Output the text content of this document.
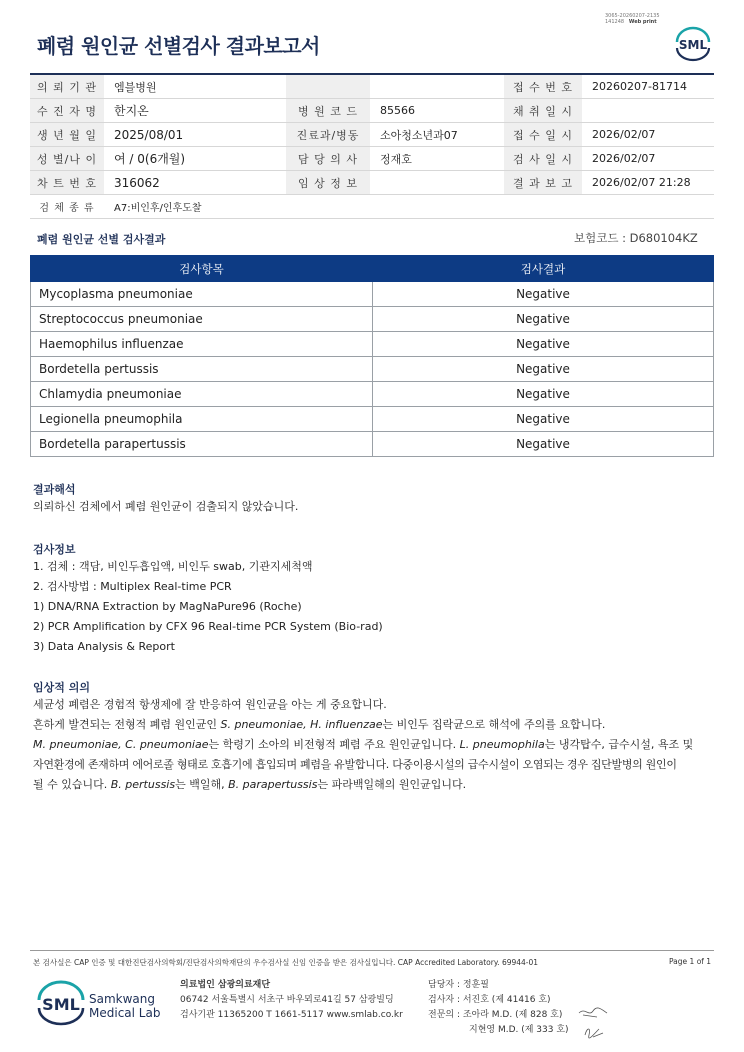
폐렴 원인균 선별검사 결과보고서
3065-20260207-2135
141248 Web print
SML
의 뢰 기 관	엠블병원			접 수 번 호	20260207-81714
수 진 자 명	한지온	병 원 코 드	85566	채 취 일 시	
생 년 월 일	2025/08/01	진료과/병동	소아청소년과07	접 수 일 시	2026/02/07
성 별/나 이	여 / 0(6개월)	담 당 의 사	정재호	검 사 일 시	2026/02/07
차 트 번 호	316062	임 상 정 보		결 과 보 고	2026/02/07 21:28
검 체 종 류	A7:비인후/인후도찰				
폐렴 원인균 선별 검사결과	보험코드 : D680104KZ
검사항목	검사결과
Mycoplasma pneumoniae	Negative
Streptococcus pneumoniae	Negative
Haemophilus influenzae	Negative
Bordetella pertussis	Negative
Chlamydia pneumoniae	Negative
Legionella pneumophila	Negative
Bordetella parapertussis	Negative
결과해석
의뢰하신 검체에서 폐렴 원인균이 검출되지 않았습니다.
검사정보
1. 검체 : 객담, 비인두흡입액, 비인두 swab, 기관지세척액
2. 검사방법 : Multiplex Real-time PCR
1) DNA/RNA Extraction by MagNaPure96 (Roche)
2) PCR Amplification by CFX 96 Real-time PCR System (Bio-rad)
3) Data Analysis & Report
임상적 의의
세균성 폐렴은 경험적 항생제에 잘 반응하여 원인균을 아는 게 중요합니다.
흔하게 발견되는 전형적 폐렴 원인균인 S. pneumoniae, H. influenzae는 비인두 집락균으로 해석에 주의를 요합니다.
M. pneumoniae, C. pneumoniae는 학령기 소아의 비전형적 폐렴 주요 원인균입니다. L. pneumophila는 냉각탑수, 급수시설, 욕조 및
자연환경에 존재하며 에어로졸 형태로 호흡기에 흡입되며 폐렴을 유발합니다. 다중이용시설의 급수시설이 오염되는 경우 집단발병의 원인이
될 수 있습니다. B. pertussis는 백일해, B. parapertussis는 파라백일해의 원인균입니다.
본 검사실은 CAP 인증 및 대한진단검사의학회/진단검사의학재단의 우수검사실 신임 인증을 받은 검사실입니다. CAP Accredited Laboratory. 69944-01	Page 1 of 1
SML Samkwang
Medical Lab
의료법인 삼광의료재단
06742 서울특별시 서초구 바우뫼로41길 57 삼광빌딩
검사기관 11365200 T 1661-5117 www.smlab.co.kr
담당자 : 정훈필
검사자 : 서진호 (제 41416 호)
전문의 : 조아라 M.D. (제 828 호)
지현영 M.D. (제 333 호)
